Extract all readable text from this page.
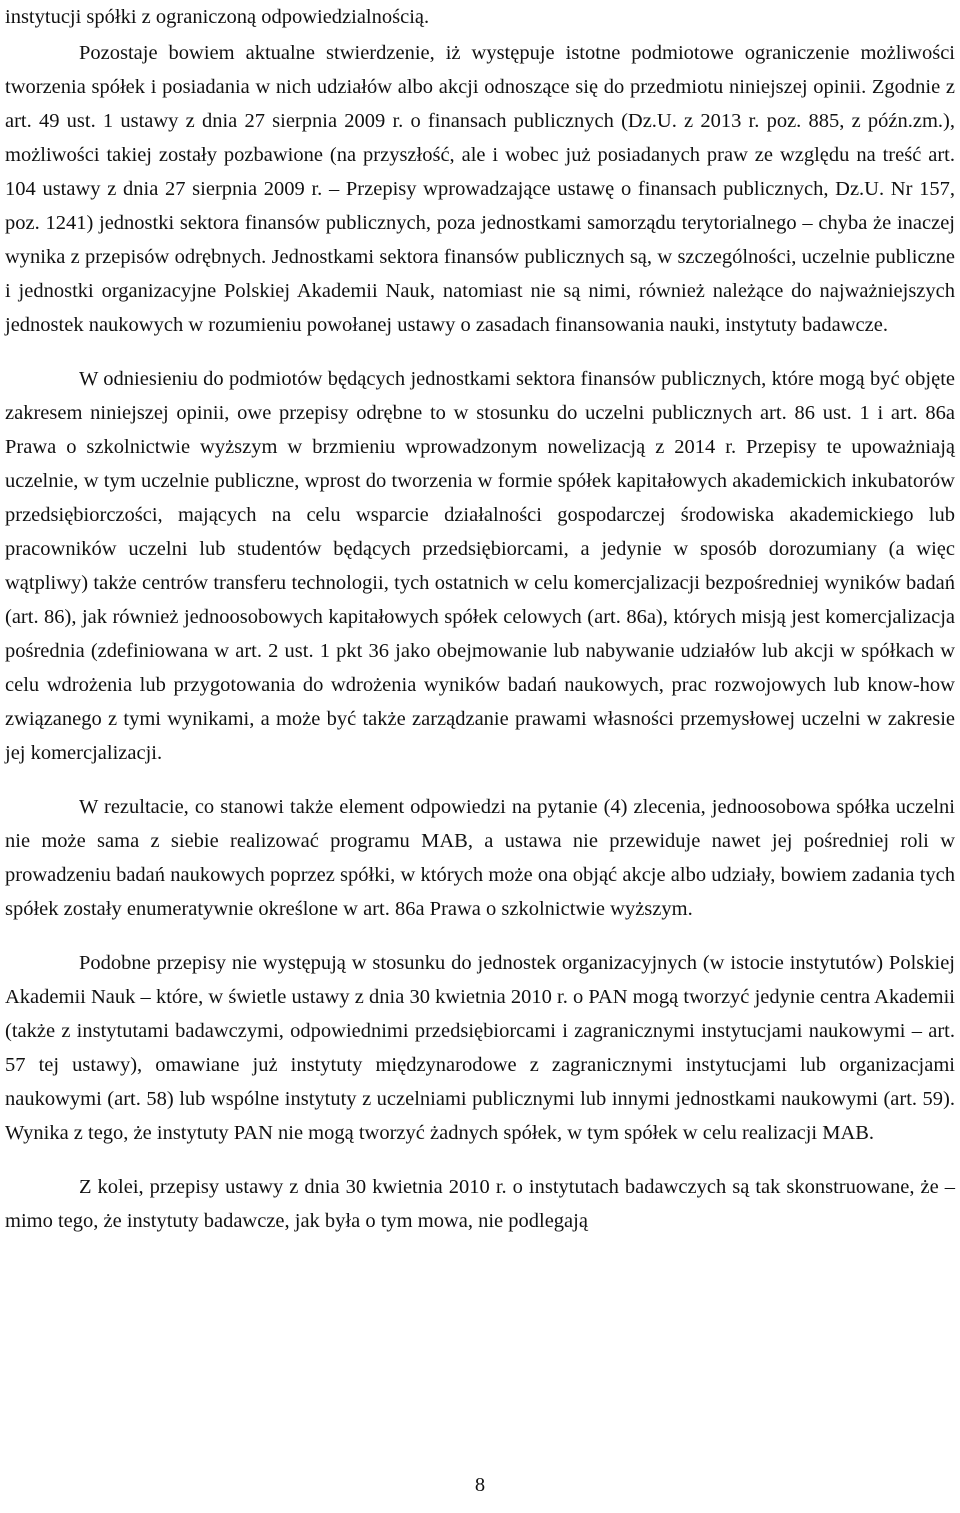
instytucji spółki z ograniczoną odpowiedzialnością.

Pozostaje bowiem aktualne stwierdzenie, iż występuje istotne podmiotowe ograniczenie możliwości tworzenia spółek i posiadania w nich udziałów albo akcji odnoszące się do przedmiotu niniejszej opinii. Zgodnie z art. 49 ust. 1 ustawy z dnia 27 sierpnia 2009 r. o finansach publicznych (Dz.U. z 2013 r. poz. 885, z późn.zm.), możliwości takiej zostały pozbawione (na przyszłość, ale i wobec już posiadanych praw ze względu na treść art. 104 ustawy z dnia 27 sierpnia 2009 r. – Przepisy wprowadzające ustawę o finansach publicznych, Dz.U. Nr 157, poz. 1241) jednostki sektora finansów publicznych, poza jednostkami samorządu terytorialnego – chyba że inaczej wynika z przepisów odrębnych. Jednostkami sektora finansów publicznych są, w szczególności, uczelnie publiczne i jednostki organizacyjne Polskiej Akademii Nauk, natomiast nie są nimi, również należące do najważniejszych jednostek naukowych w rozumieniu powołanej ustawy o zasadach finansowania nauki, instytuty badawcze.

W odniesieniu do podmiotów będących jednostkami sektora finansów publicznych, które mogą być objęte zakresem niniejszej opinii, owe przepisy odrębne to w stosunku do uczelni publicznych art. 86 ust. 1 i art. 86a Prawa o szkolnictwie wyższym w brzmieniu wprowadzonym nowelizacją z 2014 r. Przepisy te upoważniają uczelnie, w tym uczelnie publiczne, wprost do tworzenia w formie spółek kapitałowych akademickich inkubatorów przedsiębiorczości, mających na celu wsparcie działalności gospodarczej środowiska akademickiego lub pracowników uczelni lub studentów będących przedsiębiorcami, a jedynie w sposób dorozumiany (a więc wątpliwy) także centrów transferu technologii, tych ostatnich w celu komercjalizacji bezpośredniej wyników badań (art. 86), jak również jednoosobowych kapitałowych spółek celowych (art. 86a), których misją jest komercjalizacja pośrednia (zdefiniowana w art. 2 ust. 1 pkt 36 jako obejmowanie lub nabywanie udziałów lub akcji w spółkach w celu wdrożenia lub przygotowania do wdrożenia wyników badań naukowych, prac rozwojowych lub know-how związanego z tymi wynikami, a może być także zarządzanie prawami własności przemysłowej uczelni w zakresie jej komercjalizacji.

W rezultacie, co stanowi także element odpowiedzi na pytanie (4) zlecenia, jednoosobowa spółka uczelni nie może sama z siebie realizować programu MAB, a ustawa nie przewiduje nawet jej pośredniej roli w prowadzeniu badań naukowych poprzez spółki, w których może ona objąć akcje albo udziały, bowiem zadania tych spółek zostały enumeratywnie określone w art. 86a Prawa o szkolnictwie wyższym.

Podobne przepisy nie występują w stosunku do jednostek organizacyjnych (w istocie instytutów) Polskiej Akademii Nauk – które, w świetle ustawy z dnia 30 kwietnia 2010 r. o PAN mogą tworzyć jedynie centra Akademii (także z instytutami badawczymi, odpowiednimi przedsiębiorcami i zagranicznymi instytucjami naukowymi – art. 57 tej ustawy), omawiane już instytuty międzynarodowe z zagranicznymi instytucjami lub organizacjami naukowymi (art. 58) lub wspólne instytuty z uczelniami publicznymi lub innymi jednostkami naukowymi (art. 59). Wynika z tego, że instytuty PAN nie mogą tworzyć żadnych spółek, w tym spółek w celu realizacji MAB.

Z kolei, przepisy ustawy z dnia 30 kwietnia 2010 r. o instytutach badawczych są tak skonstruowane, że – mimo tego, że instytuty badawcze, jak była o tym mowa, nie podlegają

8
